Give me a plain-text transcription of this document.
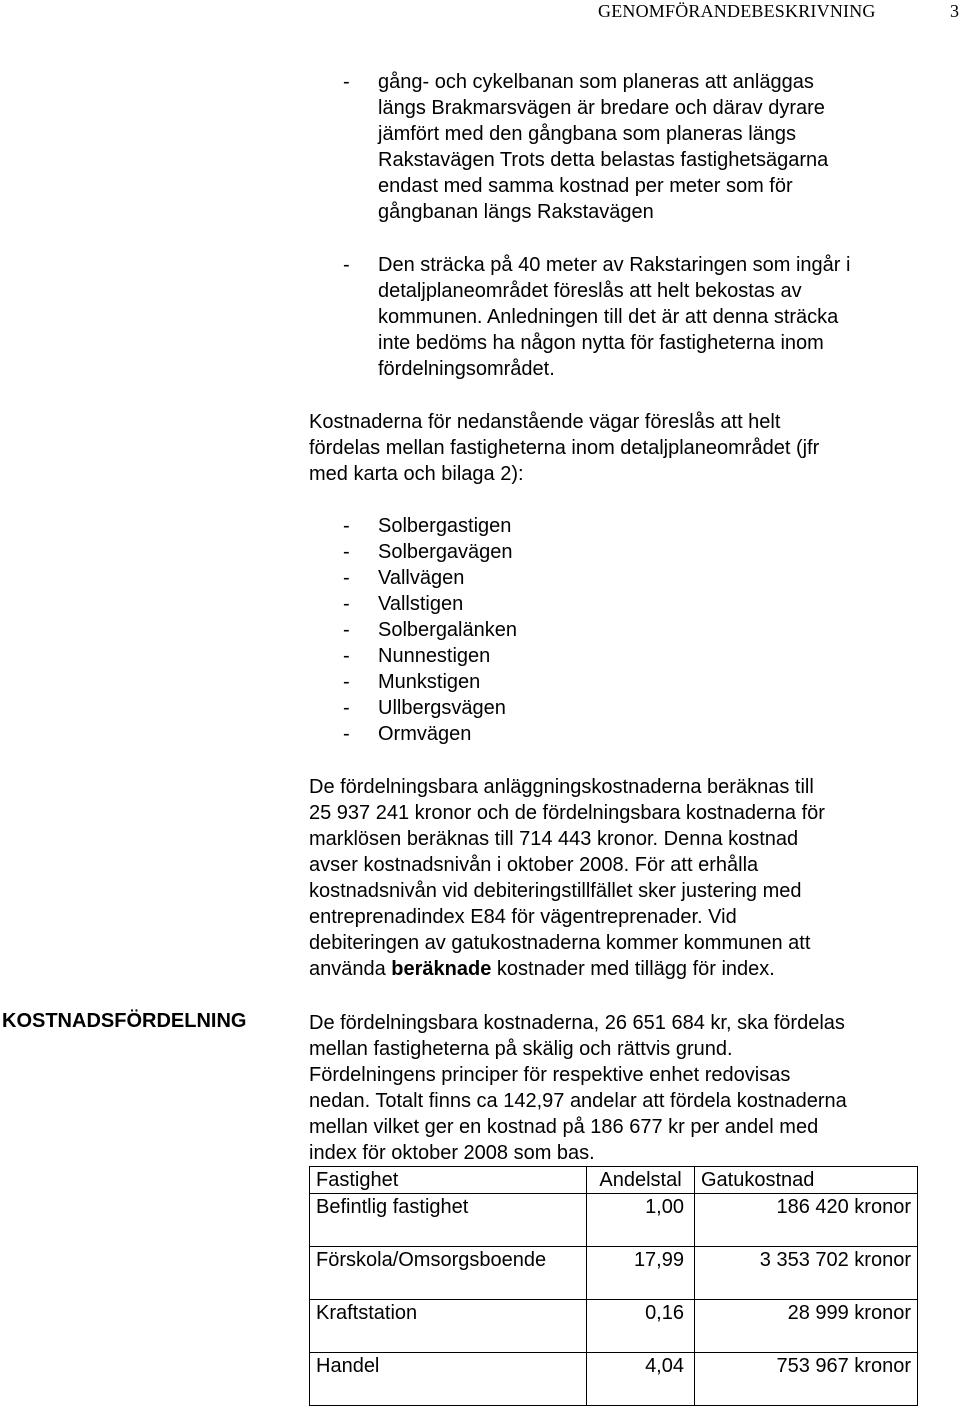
GENOMFÖRANDEBESKRIVNING	3
- gång- och cykelbanan som planeras att anläggas
längs Brakmarsvägen är bredare och därav dyrare
jämfört med den gångbana som planeras längs
Rakstavägen Trots detta belastas fastighetsägarna
endast med samma kostnad per meter som för
gångbanan längs Rakstavägen
- Den sträcka på 40 meter av Rakstaringen som ingår i
detaljplaneområdet föreslås att helt bekostas av
kommunen. Anledningen till det är att denna sträcka
inte bedöms ha någon nytta för fastigheterna inom
fördelningsområdet.
Kostnaderna för nedanstående vägar föreslås att helt
fördelas mellan fastigheterna inom detaljplaneområdet (jfr
med karta och bilaga 2):
- Solbergastigen
- Solbergavägen
- Vallvägen
- Vallstigen
- Solbergalänken
- Nunnestigen
- Munkstigen
- Ullbergsvägen
- Ormvägen
De fördelningsbara anläggningskostnaderna beräknas till
25 937 241 kronor och de fördelningsbara kostnaderna för
marklösen beräknas till 714 443 kronor. Denna kostnad
avser kostnadsnivån i oktober 2008. För att erhålla
kostnadsnivån vid debiteringstillfället sker justering med
entreprenadindex E84 för vägentreprenader. Vid
debiteringen av gatukostnaderna kommer kommunen att
använda beräknade kostnader med tillägg för index.
KOSTNADSFÖRDELNING	De fördelningsbara kostnaderna, 26 651 684 kr, ska fördelas
mellan fastigheterna på skälig och rättvis grund.
Fördelningens principer för respektive enhet redovisas
nedan. Totalt finns ca 142,97 andelar att fördela kostnaderna
mellan vilket ger en kostnad på 186 677 kr per andel med
index för oktober 2008 som bas.
Fastighet	Andelstal	Gatukostnad
Befintlig fastighet	1,00	186 420 kronor
Förskola/Omsorgsboende	17,99	3 353 702 kronor
Kraftstation	0,16	28 999 kronor
Handel	4,04	753 967 kronor
